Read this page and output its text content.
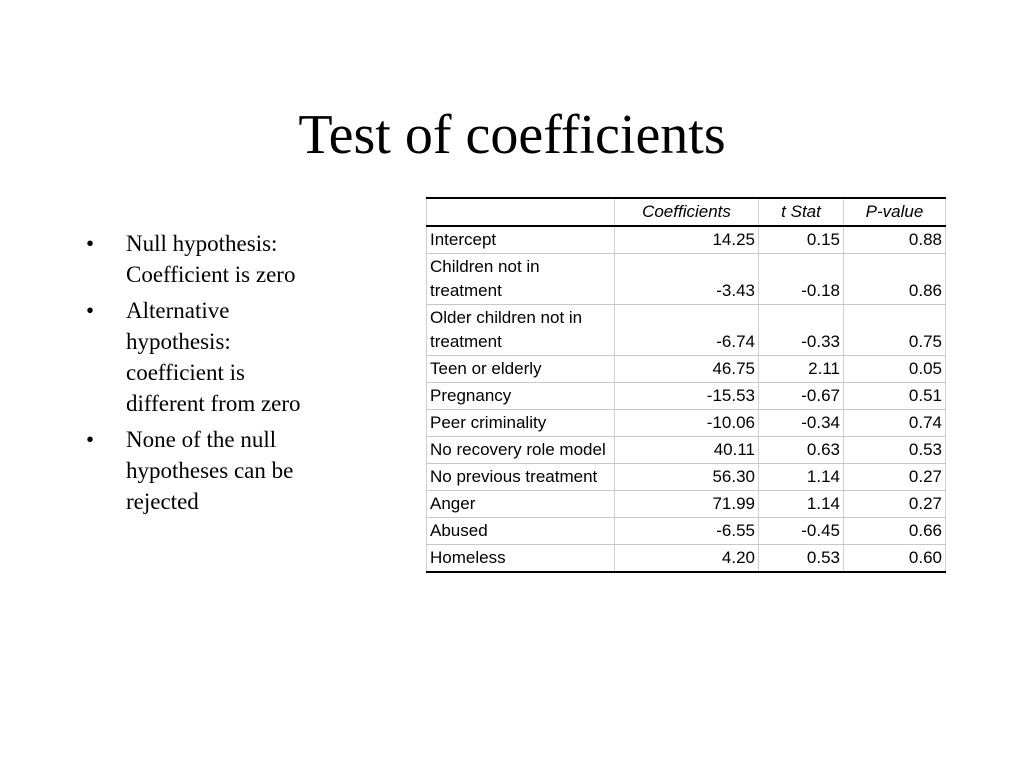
Test of coefficients
• Null hypothesis: Coefficient is zero
• Alternative hypothesis: coefficient is different from zero
• None of the null hypotheses can be rejected
	Coefficients	t Stat	P-value
Intercept	14.25	0.15	0.88
Children not in treatment	-3.43	-0.18	0.86
Older children not in treatment	-6.74	-0.33	0.75
Teen or elderly	46.75	2.11	0.05
Pregnancy	-15.53	-0.67	0.51
Peer criminality	-10.06	-0.34	0.74
No recovery role model	40.11	0.63	0.53
No previous treatment	56.30	1.14	0.27
Anger	71.99	1.14	0.27
Abused	-6.55	-0.45	0.66
Homeless	4.20	0.53	0.60
